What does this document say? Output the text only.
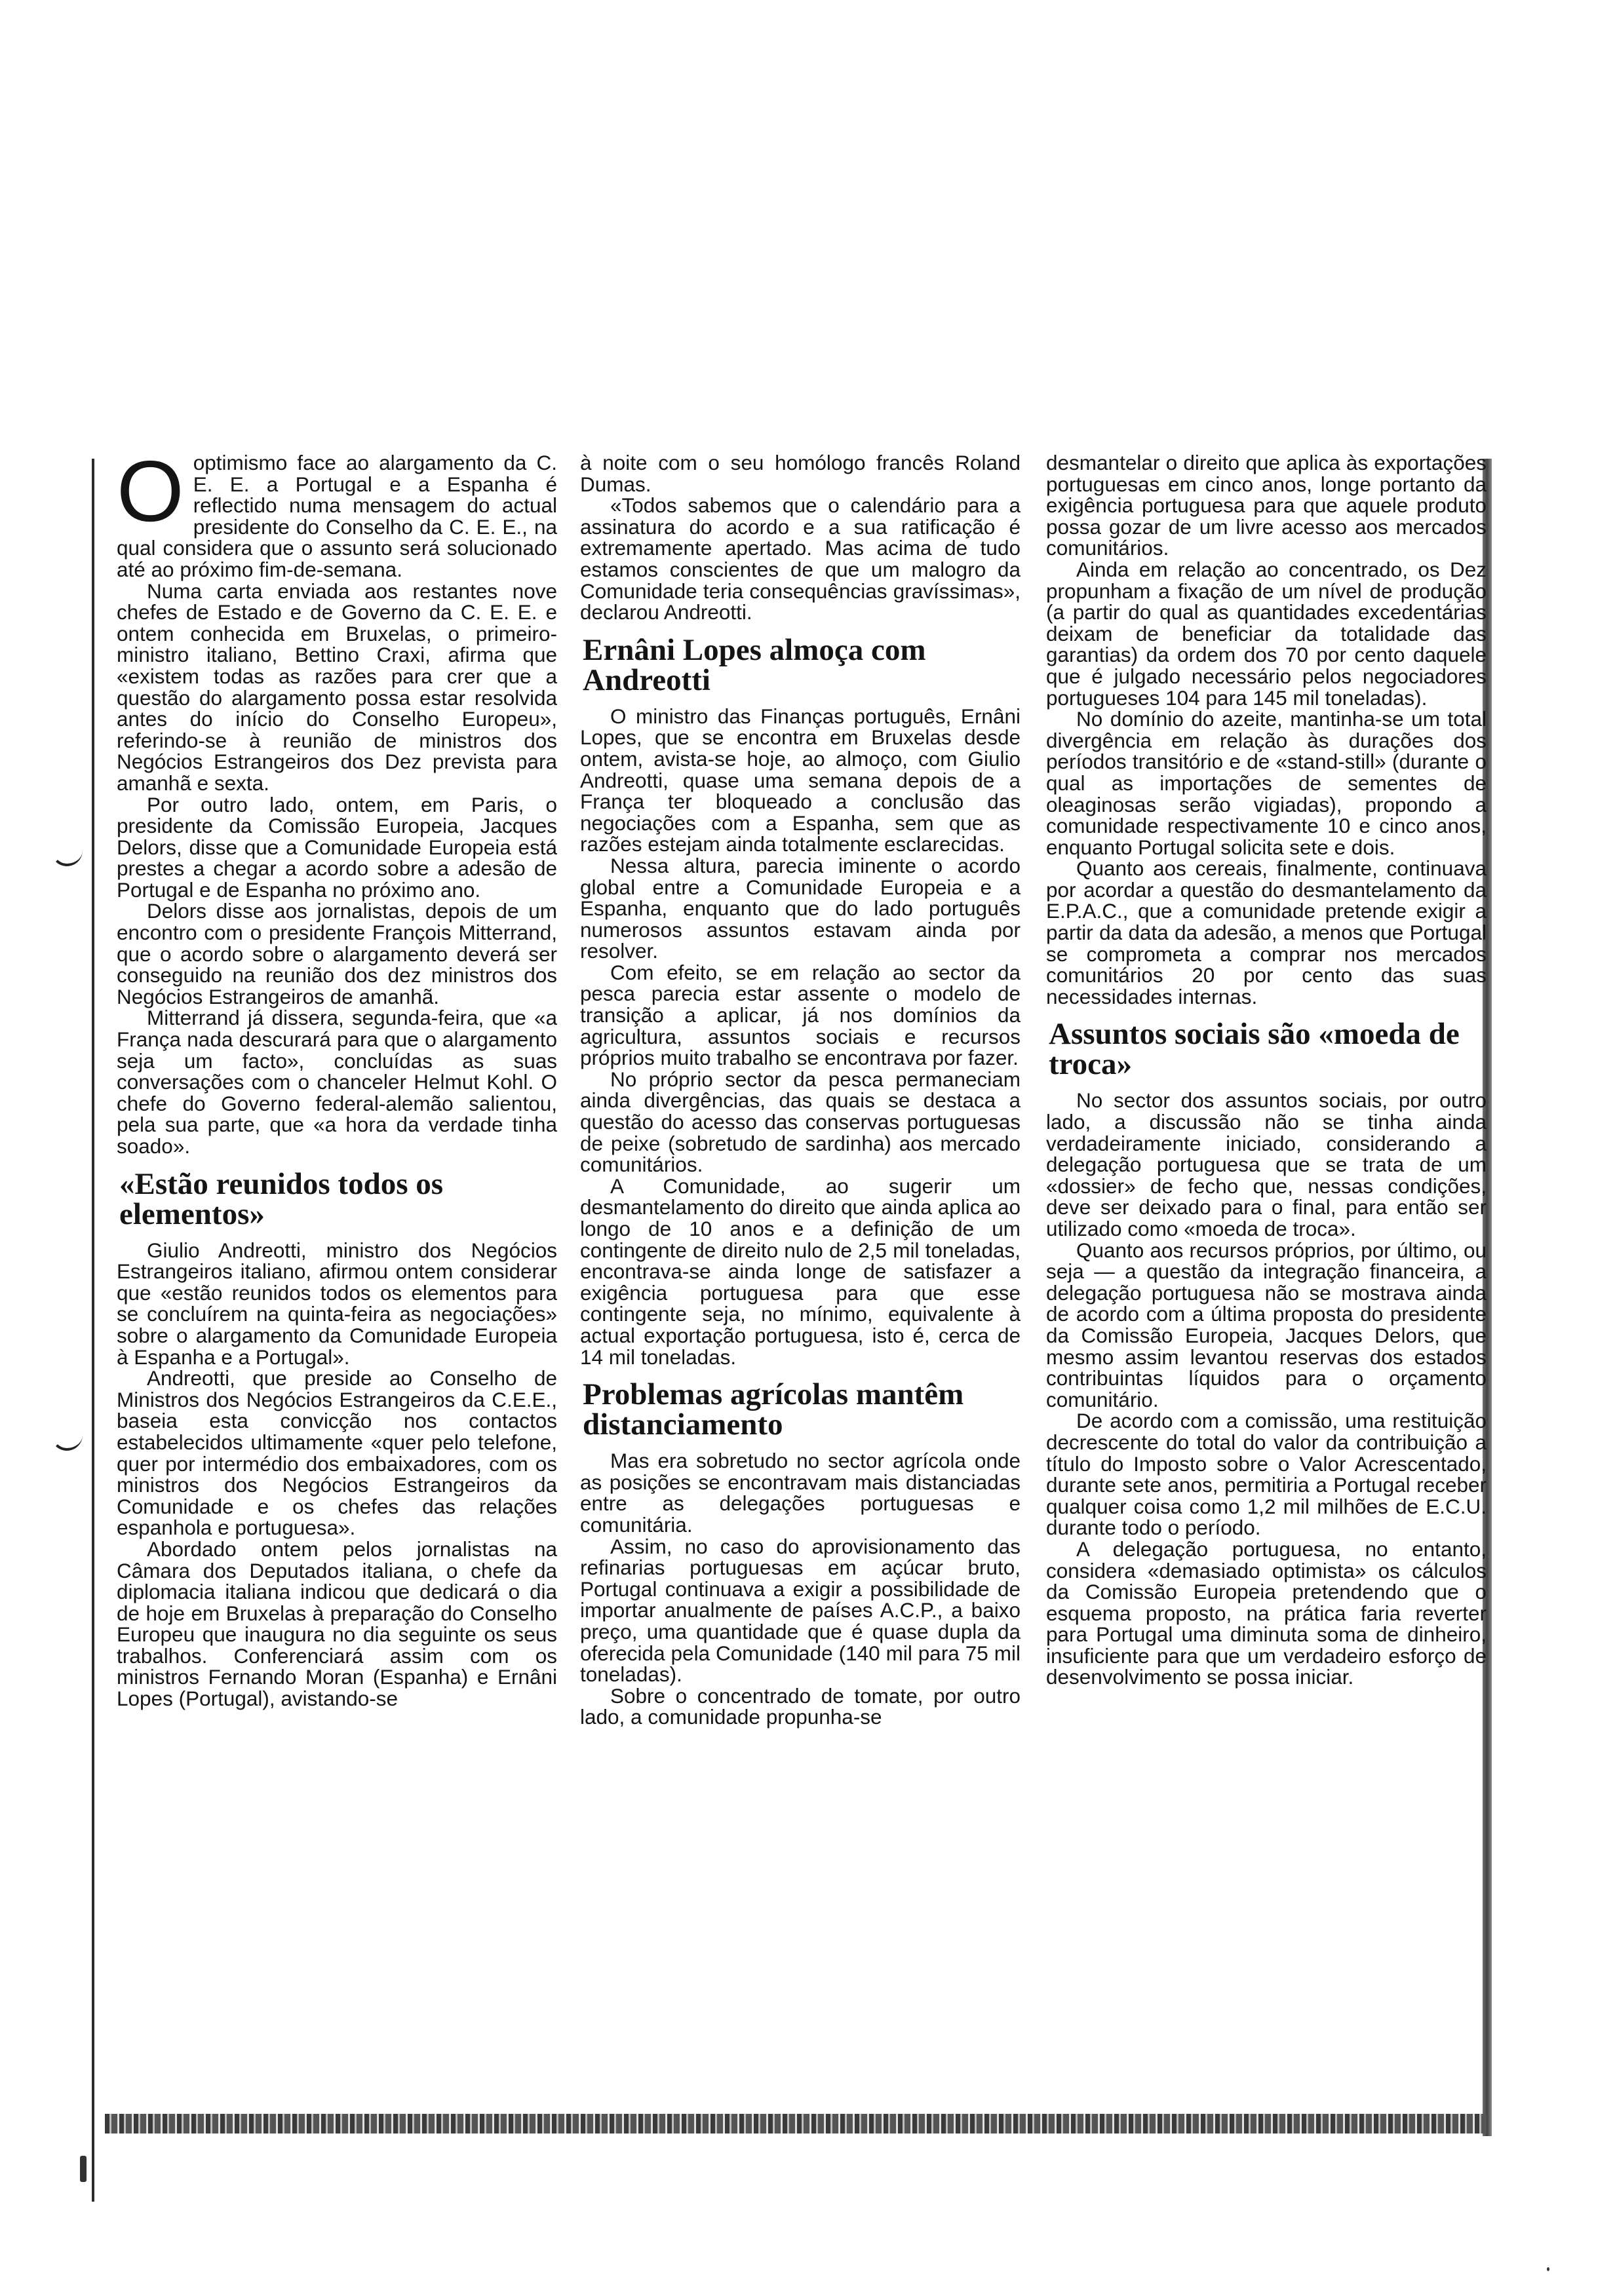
Ooptimismo face ao alargamento da C. E. E. a Portugal e a Espanha é reflectido numa mensagem do actual presidente do Conselho da C. E. E., na qual considera que o assunto será solucionado até ao próximo fim-de-semana.

Numa carta enviada aos restantes nove chefes de Estado e de Governo da C. E. E. e ontem conhecida em Bruxelas, o primeiro-ministro italiano, Bettino Craxi, afirma que «existem todas as razões para crer que a questão do alargamento possa estar resolvida antes do início do Conselho Europeu», referindo-se à reunião de ministros dos Negócios Estrangeiros dos Dez prevista para amanhã e sexta.

Por outro lado, ontem, em Paris, o presidente da Comissão Europeia, Jacques Delors, disse que a Comunidade Europeia está prestes a chegar a acordo sobre a adesão de Portugal e de Espanha no próximo ano.

Delors disse aos jornalistas, depois de um encontro com o presidente François Mitterrand, que o acordo sobre o alargamento deverá ser conseguido na reunião dos dez ministros dos Negócios Estrangeiros de amanhã.

Mitterrand já dissera, segunda-feira, que «a França nada descurará para que o alargamento seja um facto», concluídas as suas conversações com o chanceler Helmut Kohl. O chefe do Governo federal-alemão salientou, pela sua parte, que «a hora da verdade tinha soado».

«Estão reunidos todos os elementos»

Giulio Andreotti, ministro dos Negócios Estrangeiros italiano, afirmou ontem considerar que «estão reunidos todos os elementos para se concluírem na quinta-feira as negociações» sobre o alargamento da Comunidade Europeia à Espanha e a Portugal».

Andreotti, que preside ao Conselho de Ministros dos Negócios Estrangeiros da C.E.E., baseia esta convicção nos contactos estabelecidos ultimamente «quer pelo telefone, quer por intermédio dos embaixadores, com os ministros dos Negócios Estrangeiros da Comunidade e os chefes das relações espanhola e portuguesa».

Abordado ontem pelos jornalistas na Câmara dos Deputados italiana, o chefe da diplomacia italiana indicou que dedicará o dia de hoje em Bruxelas à preparação do Conselho Europeu que inaugura no dia seguinte os seus trabalhos. Conferenciará assim com os ministros Fernando Moran (Espanha) e Ernâni Lopes (Portugal), avistando-se

à noite com o seu homólogo francês Roland Dumas.

«Todos sabemos que o calendário para a assinatura do acordo e a sua ratificação é extremamente apertado. Mas acima de tudo estamos conscientes de que um malogro da Comunidade teria consequências gravíssimas», declarou Andreotti.

Ernâni Lopes almoça com Andreotti

O ministro das Finanças português, Ernâni Lopes, que se encontra em Bruxelas desde ontem, avista-se hoje, ao almoço, com Giulio Andreotti, quase uma semana depois de a França ter bloqueado a conclusão das negociações com a Espanha, sem que as razões estejam ainda totalmente esclarecidas.

Nessa altura, parecia iminente o acordo global entre a Comunidade Europeia e a Espanha, enquanto que do lado português numerosos assuntos estavam ainda por resolver.

Com efeito, se em relação ao sector da pesca parecia estar assente o modelo de transição a aplicar, já nos domínios da agricultura, assuntos sociais e recursos próprios muito trabalho se encontrava por fazer.

No próprio sector da pesca permaneciam ainda divergências, das quais se destaca a questão do acesso das conservas portuguesas de peixe (sobretudo de sardinha) aos mercado comunitários.

A Comunidade, ao sugerir um desmantelamento do direito que ainda aplica ao longo de 10 anos e a definição de um contingente de direito nulo de 2,5 mil toneladas, encontrava-se ainda longe de satisfazer a exigência portuguesa para que esse contingente seja, no mínimo, equivalente à actual exportação portuguesa, isto é, cerca de 14 mil toneladas.

Problemas agrícolas mantêm distanciamento

Mas era sobretudo no sector agrícola onde as posições se encontravam mais distanciadas entre as delegações portuguesas e comunitária.

Assim, no caso do aprovisionamento das refinarias portuguesas em açúcar bruto, Portugal continuava a exigir a possibilidade de importar anualmente de países A.C.P., a baixo preço, uma quantidade que é quase dupla da oferecida pela Comunidade (140 mil para 75 mil toneladas).

Sobre o concentrado de tomate, por outro lado, a comunidade propunha-se

desmantelar o direito que aplica às exportações portuguesas em cinco anos, longe portanto da exigência portuguesa para que aquele produto possa gozar de um livre acesso aos mercados comunitários.

Ainda em relação ao concentrado, os Dez propunham a fixação de um nível de produção (a partir do qual as quantidades excedentárias deixam de beneficiar da totalidade das garantias) da ordem dos 70 por cento daquele que é julgado necessário pelos negociadores portugueses 104 para 145 mil toneladas).

No domínio do azeite, mantinha-se um total divergência em relação às durações dos períodos transitório e de «stand-still» (durante o qual as importações de sementes de oleaginosas serão vigiadas), propondo a comunidade respectivamente 10 e cinco anos, enquanto Portugal solicita sete e dois.

Quanto aos cereais, finalmente, continuava por acordar a questão do desmantelamento da E.P.A.C., que a comunidade pretende exigir a partir da data da adesão, a menos que Portugal se comprometa a comprar nos mercados comunitários 20 por cento das suas necessidades internas.

Assuntos sociais são «moeda de troca»

No sector dos assuntos sociais, por outro lado, a discussão não se tinha ainda verdadeiramente iniciado, considerando a delegação portuguesa que se trata de um «dossier» de fecho que, nessas condições, deve ser deixado para o final, para então ser utilizado como «moeda de troca».

Quanto aos recursos próprios, por último, ou seja — a questão da integração financeira, a delegação portuguesa não se mostrava ainda de acordo com a última proposta do presidente da Comissão Europeia, Jacques Delors, que mesmo assim levantou reservas dos estados contribuintas líquidos para o orçamento comunitário.

De acordo com a comissão, uma restituição decrescente do total do valor da contribuição a título do Imposto sobre o Valor Acrescentado, durante sete anos, permitiria a Portugal receber qualquer coisa como 1,2 mil milhões de E.C.U. durante todo o período.

A delegação portuguesa, no entanto, considera «demasiado optimista» os cálculos da Comissão Europeia pretendendo que o esquema proposto, na prática faria reverter para Portugal uma diminuta soma de dinheiro, insuficiente para que um verdadeiro esforço de desenvolvimento se possa iniciar.
